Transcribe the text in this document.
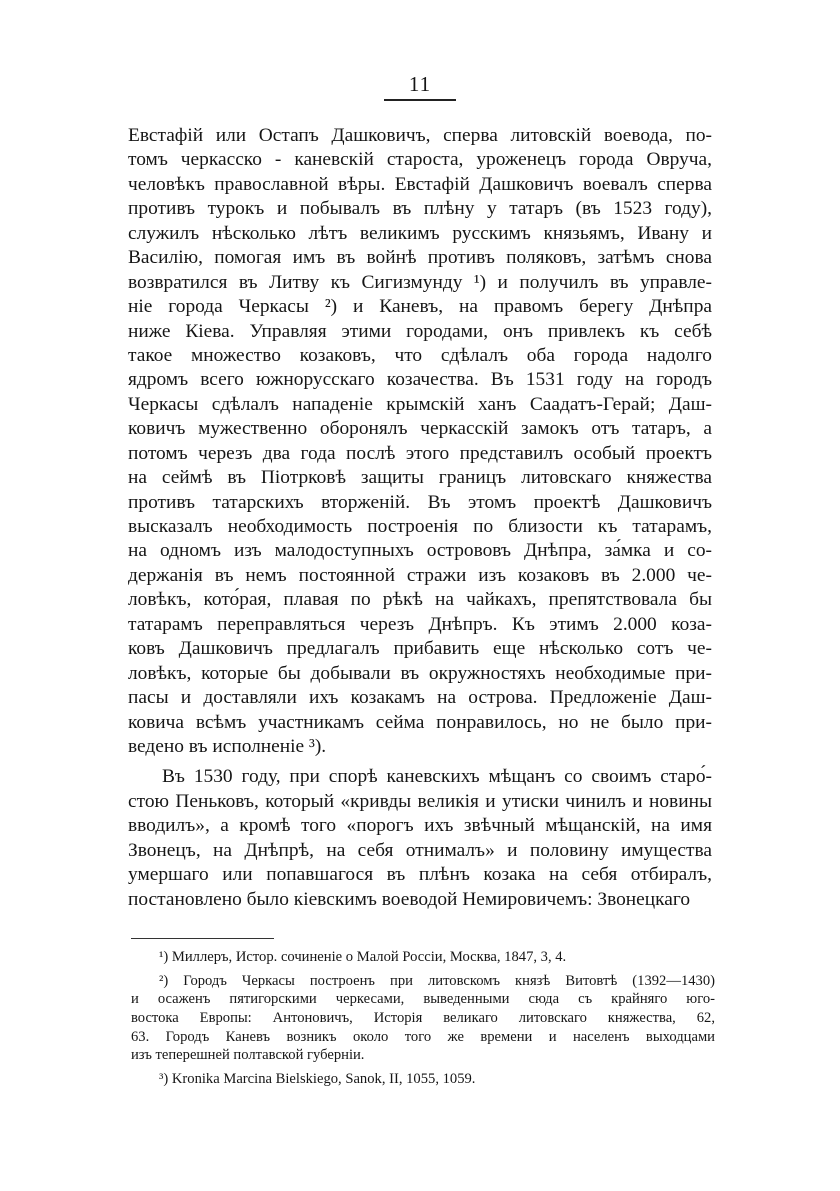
11
Евстафій или Остапъ Дашковичъ, сперва литовскій воевода, по-
томъ черкасско - каневскій староста, уроженецъ города Овруча,
человѣкъ православной вѣры. Евстафій Дашковичъ воевалъ сперва
противъ турокъ и побывалъ въ плѣну у татаръ (въ 1523 году),
служилъ нѣсколько лѣтъ великимъ русскимъ князьямъ, Ивану и
Василію, помогая имъ въ войнѣ противъ поляковъ, затѣмъ снова
возвратился въ Литву къ Сигизмунду ¹) и получилъ въ управле-
ніе города Черкасы ²) и Каневъ, на правомъ берегу Днѣпра
ниже Кіева. Управляя этими городами, онъ привлекъ къ себѣ
такое множество козаковъ, что сдѣлалъ оба города надолго
ядромъ всего южнорусскаго козачества. Въ 1531 году на городъ
Черкасы сдѣлалъ нападеніе крымскій ханъ Саадатъ-Герай; Даш-
ковичъ мужественно оборонялъ черкасскій замокъ отъ татаръ, а
потомъ черезъ два года послѣ этого представилъ особый проектъ
на сеймѣ въ Піотрковѣ защиты границъ литовскаго княжества
противъ татарскихъ вторженій. Въ этомъ проектѣ Дашковичъ
высказалъ необходимость построенія по близости къ татарамъ,
на одномъ изъ малодоступныхъ острововъ Днѣпра, за́мка и со-
держанія въ немъ постоянной стражи изъ козаковъ въ 2.000 че-
ловѣкъ, кото́рая, плавая по рѣкѣ на чайкахъ, препятствовала бы
татарамъ переправляться черезъ Днѣпръ. Къ этимъ 2.000 коза-
ковъ Дашковичъ предлагалъ прибавить еще нѣсколько сотъ че-
ловѣкъ, которые бы добывали въ окружностяхъ необходимые при-
пасы и доставляли ихъ козакамъ на острова. Предложеніе Даш-
ковича всѣмъ участникамъ сейма понравилось, но не было при-
ведено въ исполненіе ³).
Въ 1530 году, при спорѣ каневскихъ мѣщанъ со своимъ старо́-
стою Пеньковъ, который «кривды великія и утиски чинилъ и новины
вводилъ», а кромѣ того «порогъ ихъ звѣчный мѣщанскій, на имя
Звонецъ, на Днѣпрѣ, на себя отнималъ» и половину имущества
умершаго или попавшагося въ плѣнъ козака на себя отбиралъ,
постановлено было кіевскимъ воеводой Немировичемъ: Звонецкаго
¹) Миллеръ, Истор. сочиненіе о Малой Россіи, Москва, 1847, 3, 4.
²) Городъ Черкасы построенъ при литовскомъ князѣ Витовтѣ (1392—1430)
и осаженъ пятигорскими черкесами, выведенными сюда съ крайняго юго-
востока Европы: Антоновичъ, Исторія великаго литовскаго княжества, 62,
63. Городъ Каневъ возникъ около того же времени и населенъ выходцами
изъ теперешней полтавской губерніи.
³) Kronika Marcina Bielskiego, Sanok, II, 1055, 1059.
